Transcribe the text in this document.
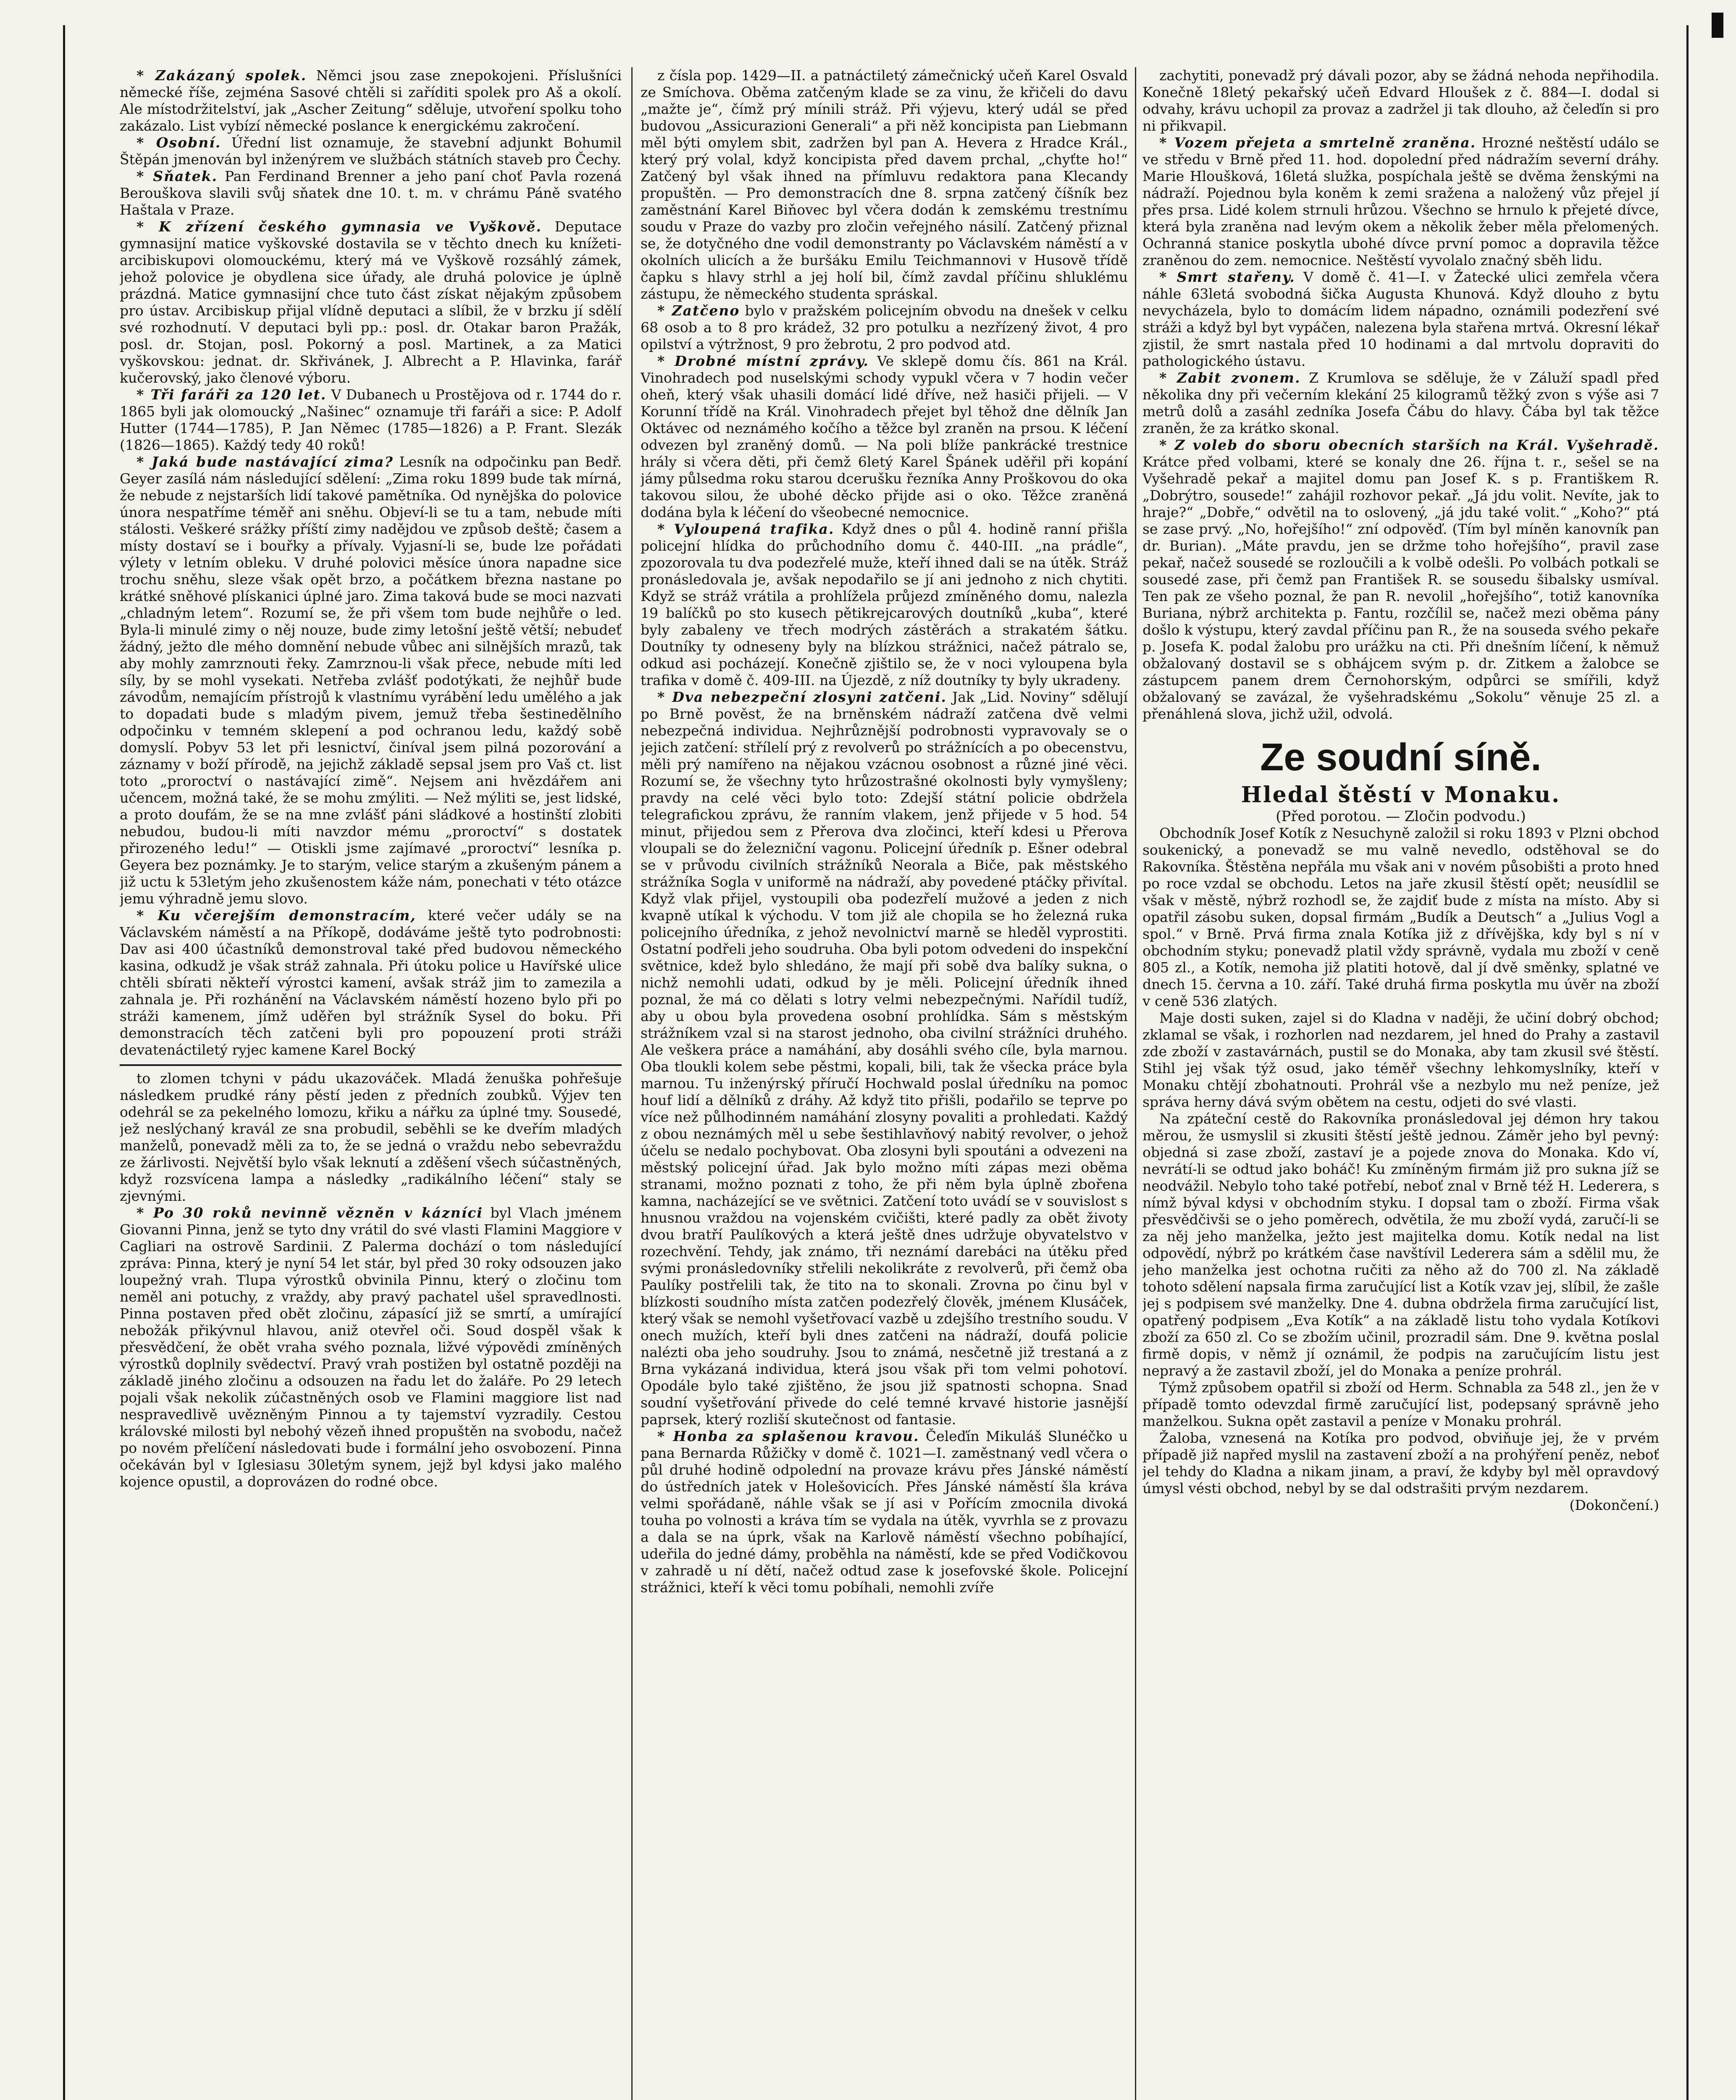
* Zakázaný spolek. Němci jsou zase znepokojeni. Příslušníci německé říše, zejména Sasové chtěli si zaříditi spolek pro Aš a okolí. Ale místodržitelství, jak „Ascher Zeitung“ sděluje, utvoření spolku toho zakázalo. List vybízí německé poslance k energickému zakročení.

* Osobní. Úřední list oznamuje, že stavební adjunkt Bohumil Štěpán jmenován byl inženýrem ve službách státních staveb pro Čechy.

* Sňatek. Pan Ferdinand Brenner a jeho paní choť Pavla rozená Berouškova slavili svůj sňatek dne 10. t. m. v chrámu Páně svatého Haštala v Praze.

* K zřízení českého gymnasia ve Vyškově. Deputace gymnasijní matice vyškovské dostavila se v těchto dnech ku knížeti-arcibiskupovi olomouckému, který má ve Vyškově rozsáhlý zámek, jehož polovice je obydlena sice úřady, ale druhá polovice je úplně prázdná. Matice gymnasijní chce tuto část získat nějakým způsobem pro ústav. Arcibiskup přijal vlídně deputaci a slíbil, že v brzku jí sdělí své rozhodnutí. V deputaci byli pp.: posl. dr. Otakar baron Pražák, posl. dr. Stojan, posl. Pokorný a posl. Martinek, a za Matici vyškovskou: jednat. dr. Skřivánek, J. Albrecht a P. Hlavinka, farář kučerovský, jako členové výboru.

* Tři faráři za 120 let. V Dubanech u Prostějova od r. 1744 do r. 1865 byli jak olomoucký „Našinec“ oznamuje tři faráři a sice: P. Adolf Hutter (1744—1785), P. Jan Němec (1785—1826) a P. Frant. Slezák (1826—1865). Každý tedy 40 roků!

* Jaká bude nastávající zima? Lesník na odpočinku pan Bedř. Geyer zasílá nám následující sdělení: „Zima roku 1899 bude tak mírná, že nebude z nejstarších lidí takové pamětníka. Od nynějška do polovice února nespatříme téměř ani sněhu. Objeví-li se tu a tam, nebude míti stálosti. Veškeré srážky příští zimy nadějdou ve způsob deště; časem a místy dostaví se i bouřky a přívaly. Vyjasní-li se, bude lze pořádati výlety v letním obleku. V druhé polovici měsíce února napadne sice trochu sněhu, sleze však opět brzo, a počátkem března nastane po krátké sněhové plískanici úplné jaro. Zima taková bude se moci nazvati „chladným letem“. Rozumí se, že při všem tom bude nejhůře o led. Byla-li minulé zimy o něj nouze, bude zimy letošní ještě větší; nebudeť žádný, ježto dle mého domnění nebude vůbec ani silnějších mrazů, tak aby mohly zamrznouti řeky. Zamrznou-li však přece, nebude míti led síly, by se mohl vysekati. Netřeba zvlášť podotýkati, že nejhůř bude závodům, nemajícím přístrojů k vlastnímu vyrábění ledu umělého a jak to dopadati bude s mladým pivem, jemuž třeba šestinedělního odpočinku v temném sklepení a pod ochranou ledu, každý sobě domyslí. Pobyv 53 let při lesnictví, činíval jsem pilná pozorování a záznamy v boží přírodě, na jejichž základě sepsal jsem pro Vaš ct. list toto „proroctví o nastávající zimě“. Nejsem ani hvězdářem ani učencem, možná také, že se mohu zmýliti. — Než mýliti se, jest lidské, a proto doufám, že se na mne zvlášť páni sládkové a hostinští zlobiti nebudou, budou-li míti navzdor mému „proroctví“ s dostatek přirozeného ledu!“ — Otiskli jsme zajímavé „proroctví“ lesníka p. Geyera bez poznámky. Je to starým, velice starým a zkušeným pánem a již uctu k 53letým jeho zkušenostem káže nám, ponechati v této otázce jemu výhradně jemu slovo.

* Ku včerejším demonstracím, které večer udály se na Václavském náměstí a na Příkopě, dodáváme ještě tyto podrobnosti: Dav asi 400 účastníků demonstroval také před budovou německého kasina, odkudž je však stráž zahnala. Při útoku police u Havířské ulice chtěli sbírati někteří výrostci kamení, avšak stráž jim to zamezila a zahnala je. Při rozhánění na Václavském náměstí hozeno bylo při po stráži kamenem, jímž uděřen byl strážník Sysel do boku. Při demonstracích těch zatčeni byli pro popouzení proti stráži devatenáctiletý ryjec kamene Karel Bocký

to zlomen tchyni v pádu ukazováček. Mladá ženuška pohřešuje následkem prudké rány pěstí jeden z předních zoubků. Výjev ten odehrál se za pekelného lomozu, křiku a nářku za úplné tmy. Sousedé, jež neslýchaný kravál ze sna probudil, seběhli se ke dveřím mladých manželů, ponevadž měli za to, že se jedná o vraždu nebo sebevraždu ze žárlivosti. Největší bylo však leknutí a zděšení všech súčastněných, když rozsvícena lampa a následky „radikálního léčení“ staly se zjevnými.

* Po 30 roků nevinně vězněn v kázníci byl Vlach jménem Giovanni Pinna, jenž se tyto dny vrátil do své vlasti Flamini Maggiore v Cagliari na ostrově Sardinii. Z Palerma dochází o tom následující zpráva: Pinna, který je nyní 54 let stár, byl před 30 roky odsouzen jako loupežný vrah. Tlupa výrostků obvinila Pinnu, který o zločinu tom neměl ani potuchy, z vraždy, aby pravý pachatel ušel spravedlnosti. Pinna postaven před obět zločinu, zápasící již se smrtí, a umírající nebožák přikývnul hlavou, aniž otevřel oči. Soud dospěl však k přesvědčení, že obět vraha svého poznala, ližvé výpovědi zmíněných výrostků doplnily svědectví. Pravý vrah postižen byl ostatně později na základě jiného zločinu a odsouzen na řadu let do žaláře. Po 29 letech pojali však nekolik zúčastněných osob ve Flamini maggiore list nad nespravedlivě uvězněným Pinnou a ty tajemství vyzradily. Cestou královské milosti byl nebohý vězeň ihned propuštěn na svobodu, načež po novém přelíčení následovati bude i formální jeho osvobození. Pinna očekáván byl v Iglesiasu 30letým synem, jejž byl kdysi jako malého kojence opustil, a doprovázen do rodné obce.

z čísla pop. 1429—II. a patnáctiletý zámečnický učeň Karel Osvald ze Smíchova. Oběma zatčeným klade se za vinu, že křičeli do davu „mažte je“, čímž prý mínili stráž. Při výjevu, který udál se před budovou „Assicurazioni Generali“ a při něž koncipista pan Liebmann měl býti omylem sbit, zadržen byl pan A. Hevera z Hradce Král., který prý volal, když koncipista před davem prchal, „chyťte ho!“ Zatčený byl však ihned na přímluvu redaktora pana Klecandy propuštěn. — Pro demonstracích dne 8. srpna zatčený číšník bez zaměstnání Karel Biňovec byl včera dodán k zemskému trestnímu soudu v Praze do vazby pro zločin veřejného násilí. Zatčený přiznal se, že dotyčného dne vodil demonstranty po Václavském náměstí a v okolních ulicích a že buršáku Emilu Teichmannovi v Husově třídě čapku s hlavy strhl a jej holí bil, čímž zavdal příčinu shluklému zástupu, že německého studenta spráskal.

* Zatčeno bylo v pražském policejním obvodu na dnešek v celku 68 osob a to 8 pro krádež, 32 pro potulku a nezřízený život, 4 pro opilství a výtržnost, 9 pro žebrotu, 2 pro podvod atd.

* Drobné místní zprávy. Ve sklepě domu čís. 861 na Král. Vinohradech pod nuselskými schody vypukl včera v 7 hodin večer oheň, který však uhasili domácí lidé dříve, než hasiči přijeli. — V Korunní třídě na Král. Vinohradech přejet byl těhož dne dělník Jan Oktávec od neznámého kočího a těžce byl zraněn na prsou. K léčení odvezen byl zraněný domů. — Na poli blíže pankrácké trestnice hrály si včera děti, při čemž 6letý Karel Špánek uděřil při kopání jámy půlsedma roku starou dcerušku řezníka Anny Proškovou do oka takovou silou, že ubohé děcko přijde asi o oko. Těžce zraněná dodána byla k léčení do všeobecné nemocnice.

* Vyloupená trafika. Když dnes o půl 4. hodině ranní přišla policejní hlídka do průchodního domu č. 440-III. „na prádle“, zpozorovala tu dva podezřelé muže, kteří ihned dali se na útěk. Stráž pronásledovala je, avšak nepodařilo se jí ani jednoho z nich chytiti. Když se stráž vrátila a prohlížela průjezd zmíněného domu, nalezla 19 balíčků po sto kusech pětikrejcarových doutníků „kuba“, které byly zabaleny ve třech modrých zástěrách a strakatém šátku. Doutníky ty odneseny byly na blízkou strážnici, načež pátralo se, odkud asi pocházejí. Konečně zjištilo se, že v noci vyloupena byla trafika v domě č. 409-III. na Újezdě, z níž doutníky ty byly ukradeny.

* Dva nebezpeční zlosyni zatčeni. Jak „Lid. Noviny“ sdělují po Brně pověst, že na brněnském nádraží zatčena dvě velmi nebezpečná individua. Nejhrůznější podrobnosti vypravovaly se o jejich zatčení: střílelí prý z revolverů po strážnících a po obecenstvu, měli prý namířeno na nějakou vzácnou osobnost a různé jiné věci. Rozumí se, že všechny tyto hrůzostrašné okolnosti byly vymyšleny; pravdy na celé věci bylo toto: Zdejší státní policie obdržela telegrafickou zprávu, že ranním vlakem, jenž přijede v 5 hod. 54 minut, přijedou sem z Přerova dva zločinci, kteří kdesi u Přerova vloupali se do železniční vagonu. Policejní úředník p. Ešner odebral se v průvodu civilních strážníků Neorala a Biče, pak městského strážníka Sogla v uniformě na nádraží, aby povedené ptáčky přivítal. Když vlak přijel, vystoupili oba podezřelí mužové a jeden z nich kvapně utíkal k východu. V tom již ale chopila se ho železná ruka policejního úředníka, z jehož nevolnictví marně se hleděl vyprostiti. Ostatní podřeli jeho soudruha. Oba byli potom odvedeni do inspekční světnice, kdež bylo shledáno, že mají při sobě dva balíky sukna, o nichž nemohli udati, odkud by je měli. Policejní úředník ihned poznal, že má co dělati s lotry velmi nebezpečnými. Nařídil tudíž, aby u obou byla provedena osobní prohlídka. Sám s městským strážníkem vzal si na starost jednoho, oba civilní strážníci druhého. Ale veškera práce a namáhání, aby dosáhli svého cíle, byla marnou. Oba tloukli kolem sebe pěstmi, kopali, bili, tak že všecka práce byla marnou. Tu inženýrský příručí Hochwald poslal úředníku na pomoc houf lidí a dělníků z dráhy. Až když tito přišli, podařilo se teprve po více než půlhodinném namáhání zlosyny povaliti a prohledati. Každý z obou neznámých měl u sebe šestihlavňový nabitý revolver, o jehož účelu se nedalo pochybovat. Oba zlosyni byli spoutáni a odvezeni na městský policejní úřad. Jak bylo možno míti zápas mezi oběma stranami, možno poznati z toho, že při něm byla úplně zbořena kamna, nacházející se ve světnici. Zatčení toto uvádí se v souvislost s hnusnou vraždou na vojenském cvičišti, které padly za obět životy dvou bratří Paulíkových a která ještě dnes udržuje obyvatelstvo v rozechvění. Tehdy, jak známo, tři neznámí darebáci na útěku před svými pronásledovníky střelili nekolikráte z revolverů, při čemž oba Paulíky postřelili tak, že tito na to skonali. Zrovna po činu byl v blízkosti soudního místa zatčen podezřelý člověk, jménem Klusáček, který však se nemohl vyšetřovací vazbě u zdejšího trestního soudu. V onech mužích, kteří byli dnes zatčeni na nádraží, doufá policie nalézti oba jeho soudruhy. Jsou to známá, nesčetně již trestaná a z Brna vykázaná individua, která jsou však při tom velmi pohotoví. Opodále bylo také zjištěno, že jsou již spatnosti schopna. Snad soudní vyšetřování přivede do celé temné krvavé historie jasnější paprsek, který rozliší skutečnost od fantasie.

* Honba za splašenou kravou. Čeleďín Mikuláš Slunéčko u pana Bernarda Růžičky v domě č. 1021—I. zaměstnaný vedl včera o půl druhé hodině odpolední na provaze krávu přes Jánské náměstí do ústředních jatek v Holešovicích. Přes Jánské náměstí šla kráva velmi spořádaně, náhle však se jí asi v Pořícím zmocnila divoká touha po volnosti a kráva tím se vydala na útěk, vyvrhla se z provazu a dala se na úprk, však na Karlově náměstí všechno pobíhající, udeřila do jedné dámy, proběhla na náměstí, kde se před Vodičkovou v zahradě u ní dětí, načež odtud zase k josefovské škole. Policejní strážnici, kteří k věci tomu pobíhali, nemohli zvíře

zachytiti, ponevadž prý dávali pozor, aby se žádná nehoda nepřihodila. Konečně 18letý pekařský učeň Edvard Hloušek z č. 884—I. dodal si odvahy, krávu uchopil za provaz a zadržel ji tak dlouho, až čeleďín si pro ni přikvapil.

* Vozem přejeta a smrtelně zraněna. Hrozné neštěstí událo se ve středu v Brně před 11. hod. dopolední před nádražím severní dráhy. Marie Hloušková, 16letá služka, pospíchala ještě se dvěma ženskými na nádraží. Pojednou byla koněm k zemi sražena a naložený vůz přejel jí přes prsa. Lidé kolem strnuli hrůzou. Všechno se hrnulo k přejeté dívce, která byla zraněna nad levým okem a několik žeber měla přelomených. Ochranná stanice poskytla ubohé dívce první pomoc a dopravila těžce zraněnou do zem. nemocnice. Neštěstí vyvolalo značný sběh lidu.

* Smrt stařeny. V domě č. 41—I. v Žatecké ulici zemřela včera náhle 63letá svobodná šička Augusta Khunová. Když dlouho z bytu nevycházela, bylo to domácím lidem nápadno, oznámili podezření své stráži a když byl byt vypáčen, nalezena byla stařena mrtvá. Okresní lékař zjistil, že smrt nastala před 10 hodinami a dal mrtvolu dopraviti do pathologického ústavu.

* Zabit zvonem. Z Krumlova se sděluje, že v Záluží spadl před několika dny při večerním klekání 25 kilogramů těžký zvon s výše asi 7 metrů dolů a zasáhl zedníka Josefa Čábu do hlavy. Čába byl tak těžce zraněn, že za krátko skonal.

* Z voleb do sboru obecních starších na Král. Vyšehradě. Krátce před volbami, které se konaly dne 26. října t. r., sešel se na Vyšehradě pekař a majitel domu pan Josef K. s p. Františkem R. „Dobrýtro, sousede!“ zahájil rozhovor pekař. „Já jdu volit. Nevíte, jak to hraje?“ „Dobře,“ odvětil na to oslovený, „já jdu také volit.“ „Koho?“ ptá se zase prvý. „No, hořejšího!“ zní odpověď. (Tím byl míněn kanovník pan dr. Burian). „Máte pravdu, jen se držme toho hořejšího“, pravil zase pekař, načež sousedé se rozloučili a k volbě odešli. Po volbách potkali se sousedé zase, při čemž pan František R. se sousedu šibalsky usmíval. Ten pak ze všeho poznal, že pan R. nevolil „hořejšího“, totiž kanovníka Buriana, nýbrž architekta p. Fantu, rozčílil se, načež mezi oběma pány došlo k výstupu, který zavdal příčinu pan R., že na souseda svého pekaře p. Josefa K. podal žalobu pro urážku na cti. Při dnešním líčení, k němuž obžalovaný dostavil se s obhájcem svým p. dr. Zitkem a žalobce se zástupcem panem drem Černohorským, odpůrci se smířili, když obžalovaný se zavázal, že vyšehradskému „Sokolu“ věnuje 25 zl. a přenáhlená slova, jichž užil, odvolá.

Ze soudní síně.
Hledal štěstí v Monaku.
(Před porotou. — Zločin podvodu.)

Obchodník Josef Kotík z Nesuchyně založil si roku 1893 v Plzni obchod soukenický, a ponevadž se mu valně nevedlo, odstěhoval se do Rakovníka. Štěstěna nepřála mu však ani v novém působišti a proto hned po roce vzdal se obchodu. Letos na jaře zkusil štěstí opět; neusídlil se však v městě, nýbrž rozhodl se, že zajdiť bude z místa na místo. Aby si opatřil zásobu suken, dopsal firmám „Budík a Deutsch“ a „Julius Vogl a spol.“ v Brně. Prvá firma znala Kotíka již z dřívějška, kdy byl s ní v obchodním styku; ponevadž platil vždy správně, vydala mu zboží v ceně 805 zl., a Kotík, nemoha již platiti hotově, dal jí dvě směnky, splatné ve dnech 15. června a 10. září. Také druhá firma poskytla mu úvěr na zboží v ceně 536 zlatých.

Maje dosti suken, zajel si do Kladna v naději, že učiní dobrý obchod; zklamal se však, i rozhorlen nad nezdarem, jel hned do Prahy a zastavil zde zboží v zastavárnách, pustil se do Monaka, aby tam zkusil své štěstí. Stihl jej však týž osud, jako téměř všechny lehkomyslníky, kteří v Monaku chtějí zbohatnouti. Prohrál vše a nezbylo mu než peníze, jež správa herny dává svým obětem na cestu, odjeti do své vlasti.

Na zpáteční cestě do Rakovníka pronásledoval jej démon hry takou měrou, že usmyslil si zkusiti štěstí ještě jednou. Záměr jeho byl pevný: objedná si zase zboží, zastaví je a pojede znova do Monaka. Kdo ví, nevrátí-li se odtud jako boháč! Ku zmíněným firmám již pro sukna jíž se neodvážil. Nebylo toho také potřebí, neboť znal v Brně též H. Lederera, s nímž býval kdysi v obchodním styku. I dopsal tam o zboží. Firma však přesvědčivši se o jeho poměrech, odvětila, že mu zboží vydá, zaručí-li se za něj jeho manželka, ježto jest majitelka domu. Kotík nedal na list odpovědí, nýbrž po krátkém čase navštívil Lederera sám a sdělil mu, že jeho manželka jest ochotna ručiti za něho až do 700 zl. Na základě tohoto sdělení napsala firma zaručující list a Kotík vzav jej, slíbil, že zašle jej s podpisem své manželky. Dne 4. dubna obdržela firma zaručující list, opatřený podpisem „Eva Kotík“ a na základě listu toho vydala Kotíkovi zboží za 650 zl. Co se zbožím učinil, prozradil sám. Dne 9. května poslal firmě dopis, v němž jí oznámil, že podpis na zaručujícím listu jest nepravý a že zastavil zboží, jel do Monaka a peníze prohrál.

Týmž způsobem opatřil si zboží od Herm. Schnabla za 548 zl., jen že v případě tomto odevzdal firmě zaručující list, podepsaný správně jeho manželkou. Sukna opět zastavil a peníze v Monaku prohrál.

Žaloba, vznesená na Kotíka pro podvod, obviňuje jej, že v prvém případě již napřed myslil na zastavení zboží a na prohýření peněz, neboť jel tehdy do Kladna a nikam jinam, a praví, že kdyby byl měl opravdový úmysl vésti obchod, nebyl by se dal odstrašiti prvým nezdarem.

(Dokončení.)
